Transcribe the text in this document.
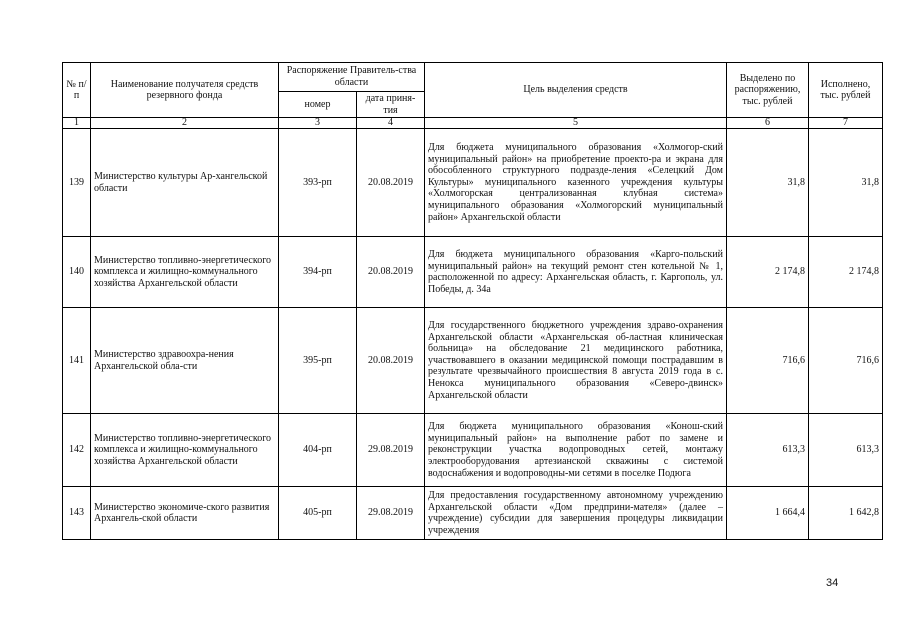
№ п/п	Наименование получателя средств резервного фонда	Распоряжение Правитель-ства области		Цель выделения средств	Выделено по распоряжению, тыс. рублей	Исполнено, тыс. рублей
		номер	дата приня-тия			
1	2	3	4	5	6	7
139	Министерство культуры Ар-хангельской области	393-рп	20.08.2019	Для бюджета муниципального образования «Холмогор-ский муниципальный район» на приобретение проекто-ра и экрана для обособленного структурного подразде-ления «Селецкий Дом Культуры» муниципального казенного учреждения культуры «Холмогорская централизованная клубная система» муниципального образования «Холмогорский муниципальный район» Архангельской области	31,8	31,8
140	Министерство топливно-энергетического комплекса и жилищно-коммунального хозяйства Архангельской области	394-рп	20.08.2019	Для бюджета муниципального образования «Карго-польский муниципальный район» на текущий ремонт стен котельной № 1, расположенной по адресу: Архангельская область, г. Каргополь, ул. Победы, д. 34а	2 174,8	2 174,8
141	Министерство здравоохра-нения Архангельской обла-сти	395-рп	20.08.2019	Для государственного бюджетного учреждения здраво-охранения Архангельской области «Архангельская об-ластная клиническая больница» на обследование 21 медицинского работника, участвовавшего в оказании медицинской помощи пострадавшим в результате чрезвычайного происшествия 8 августа 2019 года в с. Ненокса муниципального образования «Северо-двинск» Архангельской области	716,6	716,6
142	Министерство топливно-энергетического комплекса и жилищно-коммунального хозяйства Архангельской области	404-рп	29.08.2019	Для бюджета муниципального образования «Конош-ский муниципальный район» на выполнение работ по замене и реконструкции участка водопроводных сетей, монтажу электрооборудования артезианской скважины с системой водоснабжения и водопроводны-ми сетями в поселке Подюга	613,3	613,3
143	Министерство экономиче-ского развития Архангель-ской области	405-рп	29.08.2019	Для предоставления государственному автономному учреждению Архангельской области «Дом предприни-мателя» (далее – учреждение) субсидии для завершения процедуры ликвидации учреждения	1 664,4	1 642,8
34
